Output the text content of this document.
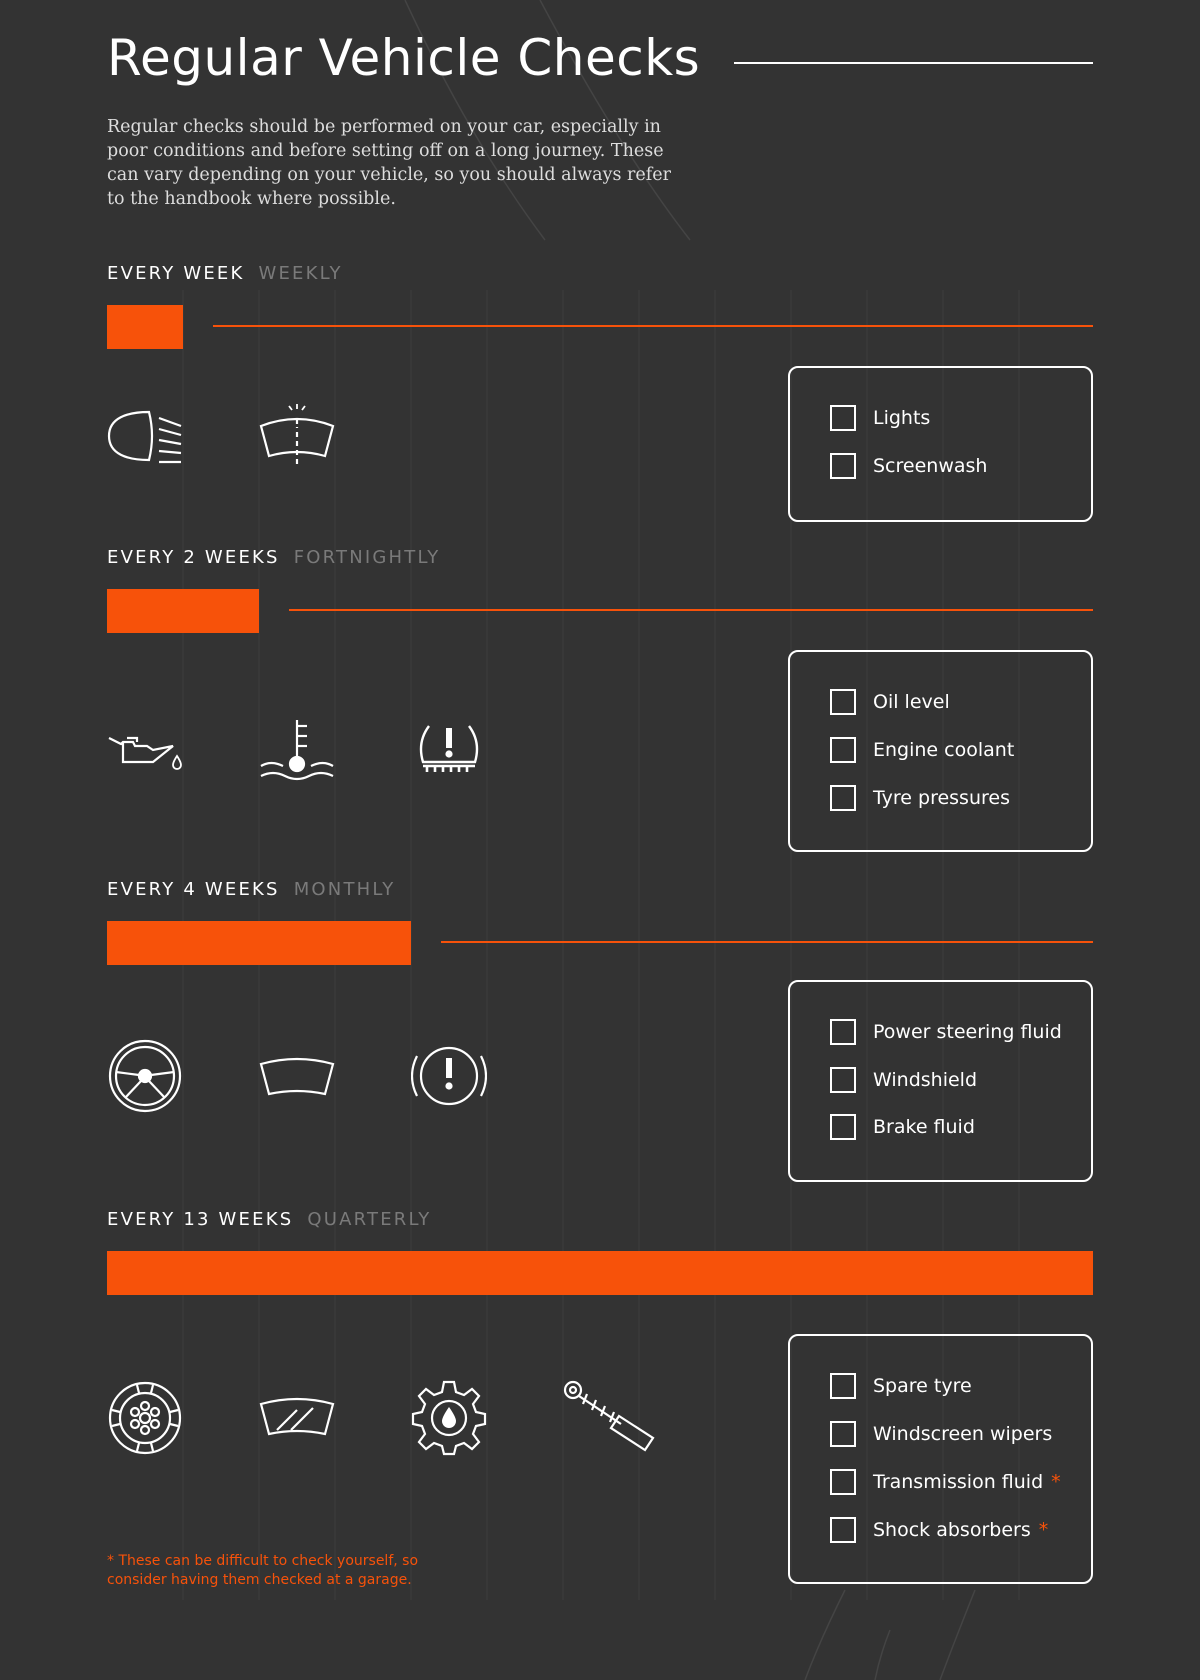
Regular Vehicle Checks

Regular checks should be performed on your car, especially in poor conditions and before setting off on a long journey. These can vary depending on your vehicle, so you should always refer to the handbook where possible.

EVERY WEEK WEEKLY
Lights
Screenwash
EVERY 2 WEEKS FORTNIGHTLY
Oil level
Engine coolant
Tyre pressures
EVERY 4 WEEKS MONTHLY
Power steering fluid
Windshield
Brake fluid
EVERY 13 WEEKS QUARTERLY
Spare tyre
Windscreen wipers
Transmission fluid *
Shock absorbers *

* These can be difficult to check yourself, so consider having them checked at a garage.
